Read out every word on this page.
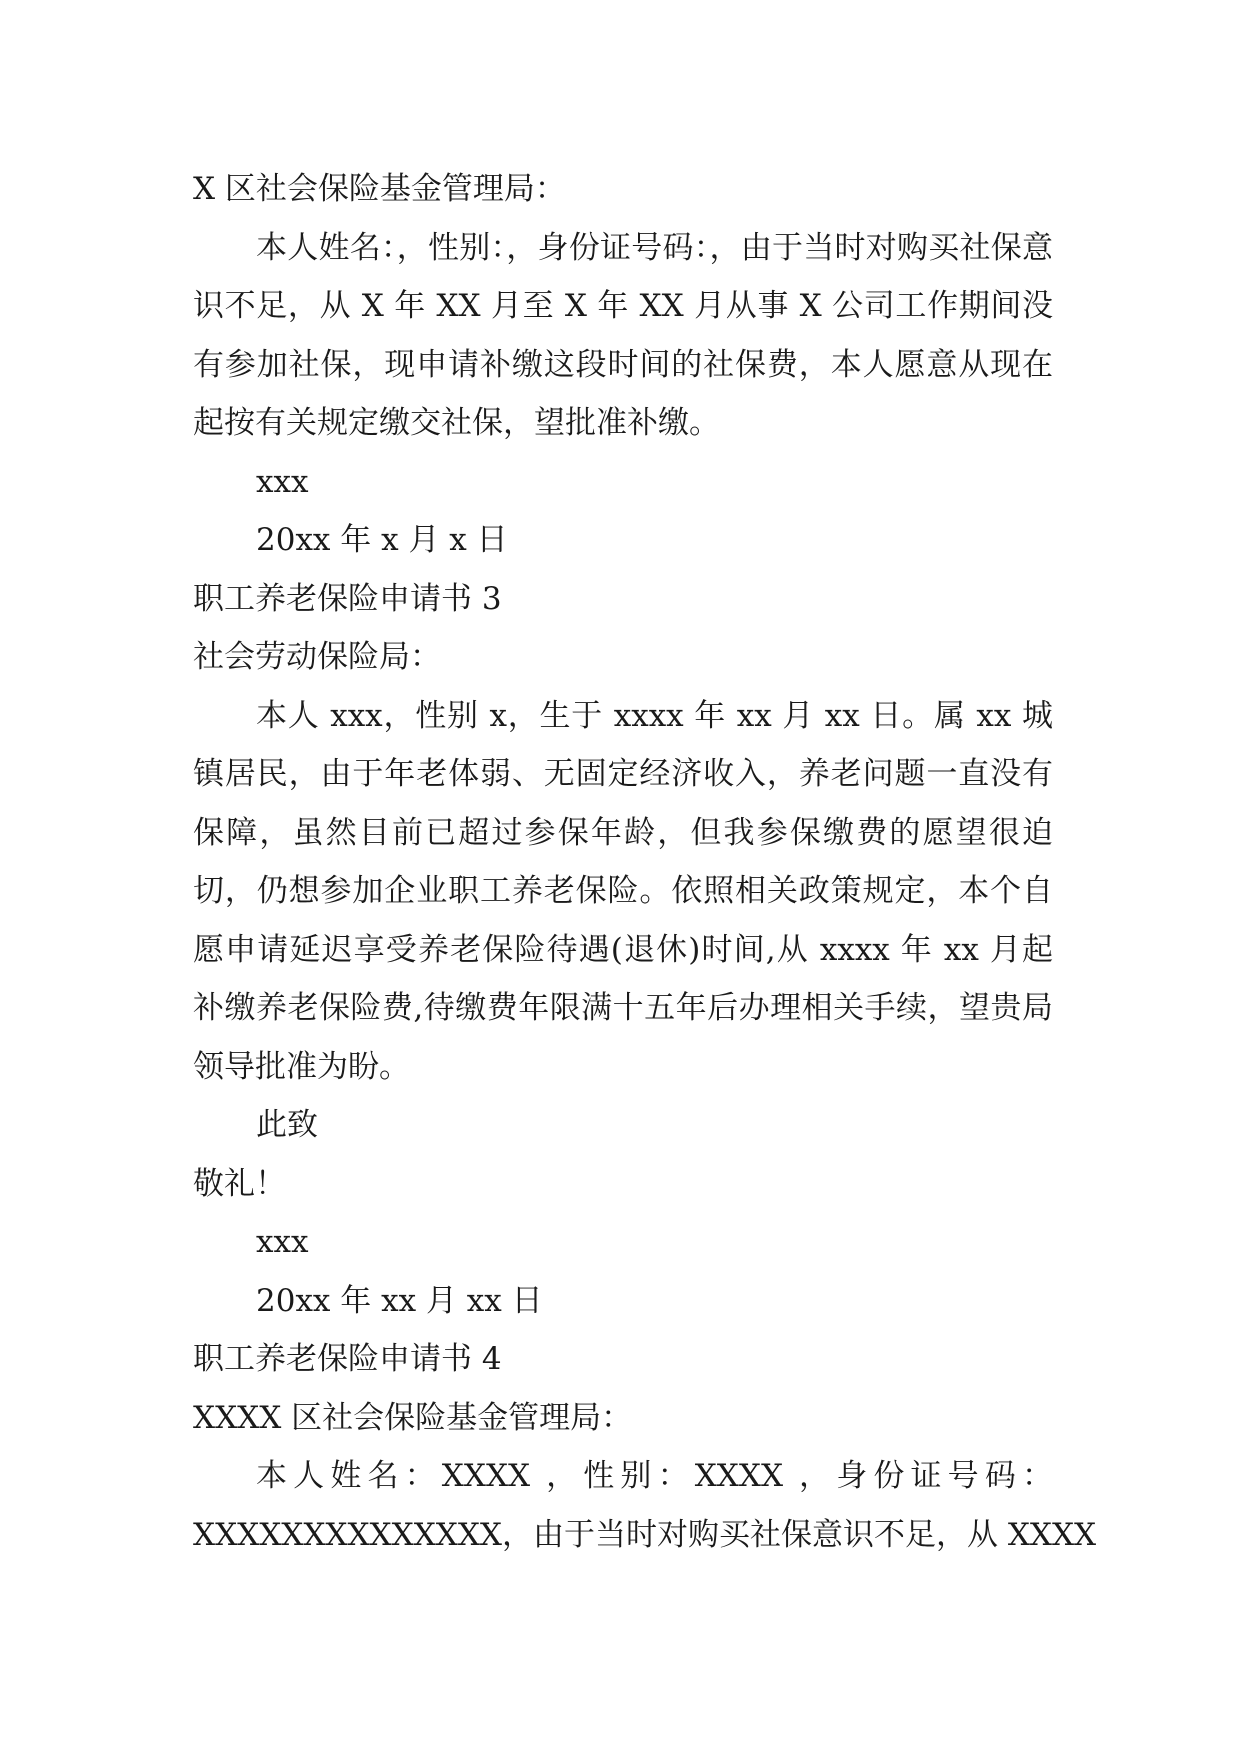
X 区社会保险基金管理局：

本人姓名：，性别：，身份证号码：，由于当时对购买社保意识不足，从 X 年 XX 月至 X 年 XX 月从事 X 公司工作期间没有参加社保，现申请补缴这段时间的社保费，本人愿意从现在起按有关规定缴交社保，望批准补缴。

xxx
20xx 年 x 月 x 日
职工养老保险申请书 3
社会劳动保险局：

本人 xxx，性别 x，生于 xxxx 年 xx 月 xx 日。属 xx 城镇居民，由于年老体弱、无固定经济收入，养老问题一直没有保障，虽然目前已超过参保年龄，但我参保缴费的愿望很迫切，仍想参加企业职工养老保险。依照相关政策规定，本个自愿申请延迟享受养老保险待遇(退休)时间,从 xxxx 年 xx 月起补缴养老保险费,待缴费年限满十五年后办理相关手续，望贵局领导批准为盼。

此致
敬礼！
xxx
20xx 年 xx 月 xx 日
职工养老保险申请书 4
XXXX 区社会保险基金管理局：
本人姓名：XXXX ，性别：XXXX ，身份证号码：
XXXXXXXXXXXXXX，由于当时对购买社保意识不足，从 XXXX
